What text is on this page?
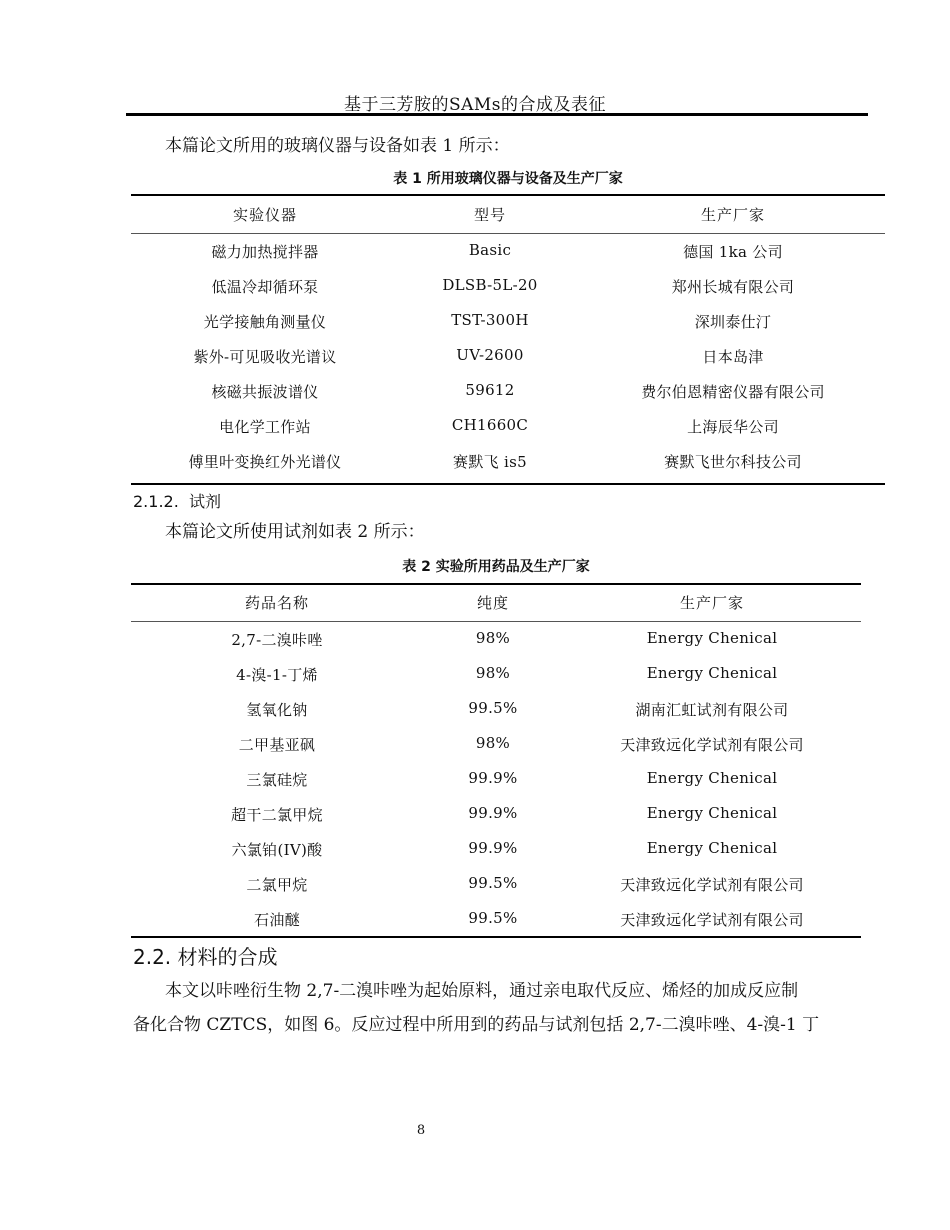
基于三芳胺的SAMs的合成及表征
本篇论文所用的玻璃仪器与设备如表 1 所示：
表 1 所用玻璃仪器与设备及生产厂家
实验仪器	型号	生产厂家
磁力加热搅拌器	Basic	德国 1ka 公司
低温冷却循环泵	DLSB-5L-20	郑州长城有限公司
光学接触角测量仪	TST-300H	深圳泰仕汀
紫外-可见吸收光谱议	UV-2600	日本岛津
核磁共振波谱仪	59612	费尔伯恩精密仪器有限公司
电化学工作站	CH1660C	上海辰华公司
傅里叶变换红外光谱仪	赛默飞 is5	赛默飞世尔科技公司
2.1.2. 试剂
本篇论文所使用试剂如表 2 所示：
表 2 实验所用药品及生产厂家
药品名称	纯度	生产厂家
2,7-二溴咔唑	98%	Energy Chenical
4-溴-1-丁烯	98%	Energy Chenical
氢氧化钠	99.5%	湖南汇虹试剂有限公司
二甲基亚砜	98%	天津致远化学试剂有限公司
三氯硅烷	99.9%	Energy Chenical
超干二氯甲烷	99.9%	Energy Chenical
六氯铂(IV)酸	99.9%	Energy Chenical
二氯甲烷	99.5%	天津致远化学试剂有限公司
石油醚	99.5%	天津致远化学试剂有限公司
2.2. 材料的合成
本文以咔唑衍生物 2,7-二溴咔唑为起始原料，通过亲电取代反应、烯烃的加成反应制
备化合物 CZTCS，如图 6。反应过程中所用到的药品与试剂包括 2,7-二溴咔唑、4-溴-1 丁
8
